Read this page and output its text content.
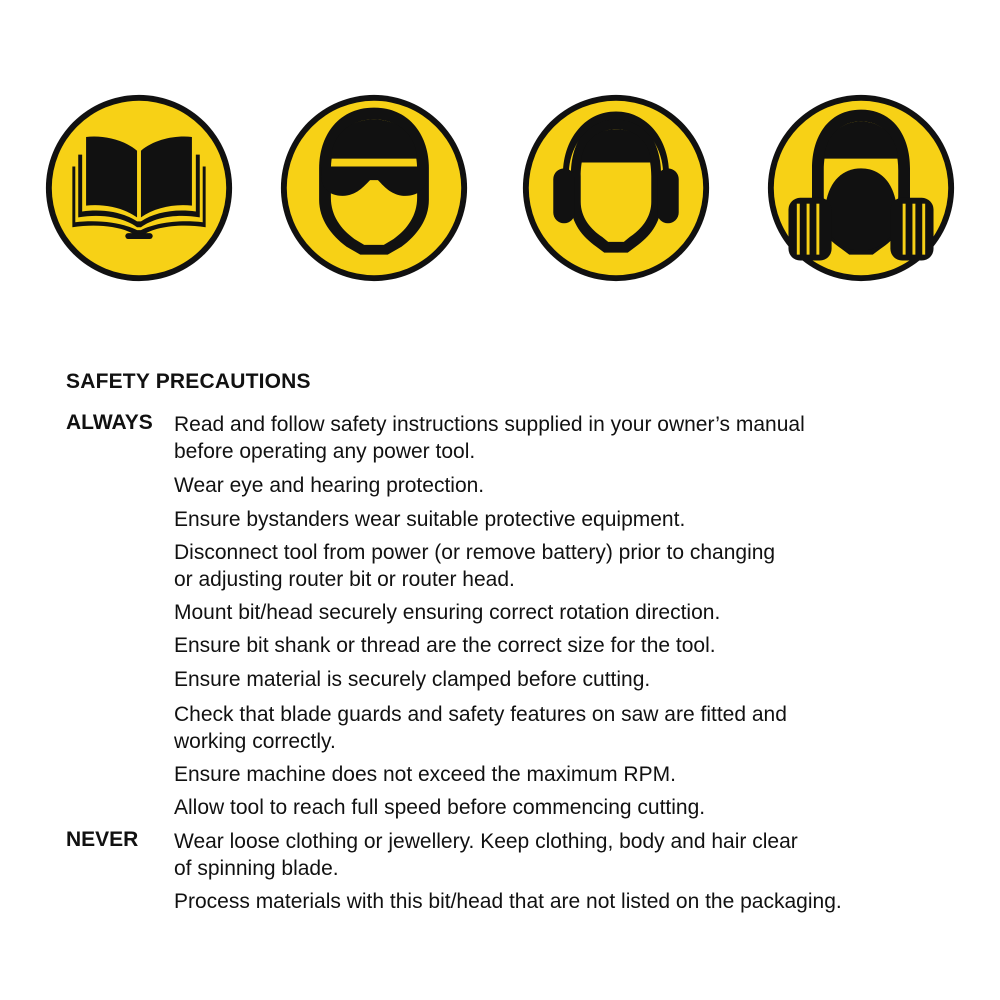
SAFETY PRECAUTIONS
ALWAYS Read and follow safety instructions supplied in your owner’s manual
before operating any power tool.
Wear eye and hearing protection.
Ensure bystanders wear suitable protective equipment.
Disconnect tool from power (or remove battery) prior to changing
or adjusting router bit or router head.
Mount bit/head securely ensuring correct rotation direction.
Ensure bit shank or thread are the correct size for the tool.
Ensure material is securely clamped before cutting.
Check that blade guards and safety features on saw are fitted and
working correctly.
Ensure machine does not exceed the maximum RPM.
Allow tool to reach full speed before commencing cutting.
NEVER Wear loose clothing or jewellery. Keep clothing, body and hair clear
of spinning blade.
Process materials with this bit/head that are not listed on the packaging.
